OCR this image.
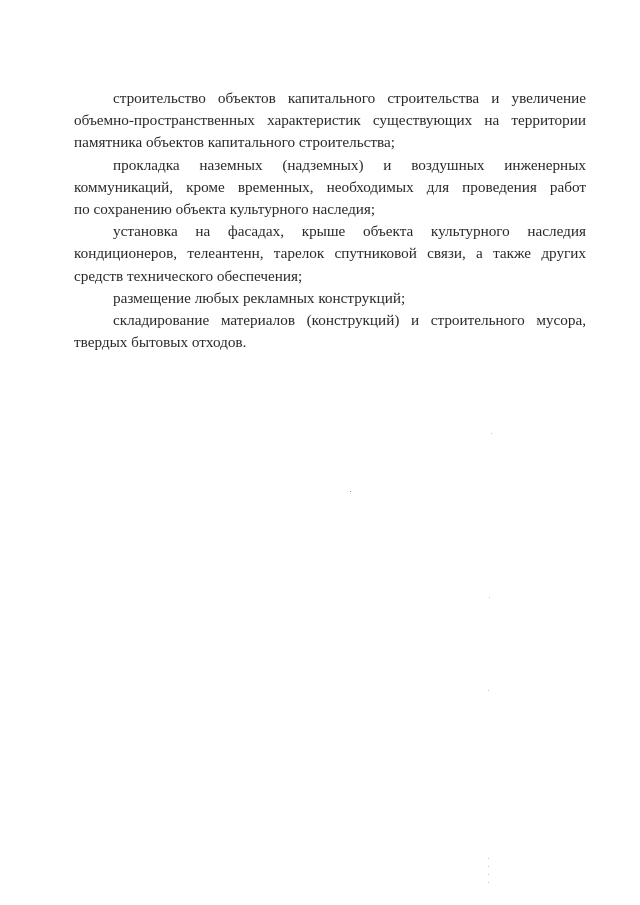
строительство объектов капитального строительства и увеличение
объемно-пространственных характеристик существующих на территории
памятника объектов капитального строительства;
прокладка наземных (надземных) и воздушных инженерных
коммуникаций, кроме временных, необходимых для проведения работ
по сохранению объекта культурного наследия;
установка на фасадах, крыше объекта культурного наследия
кондиционеров, телеантенн, тарелок спутниковой связи, а также других
средств технического обеспечения;
размещение любых рекламных конструкций;
складирование материалов (конструкций) и строительного мусора,
твердых бытовых отходов.
